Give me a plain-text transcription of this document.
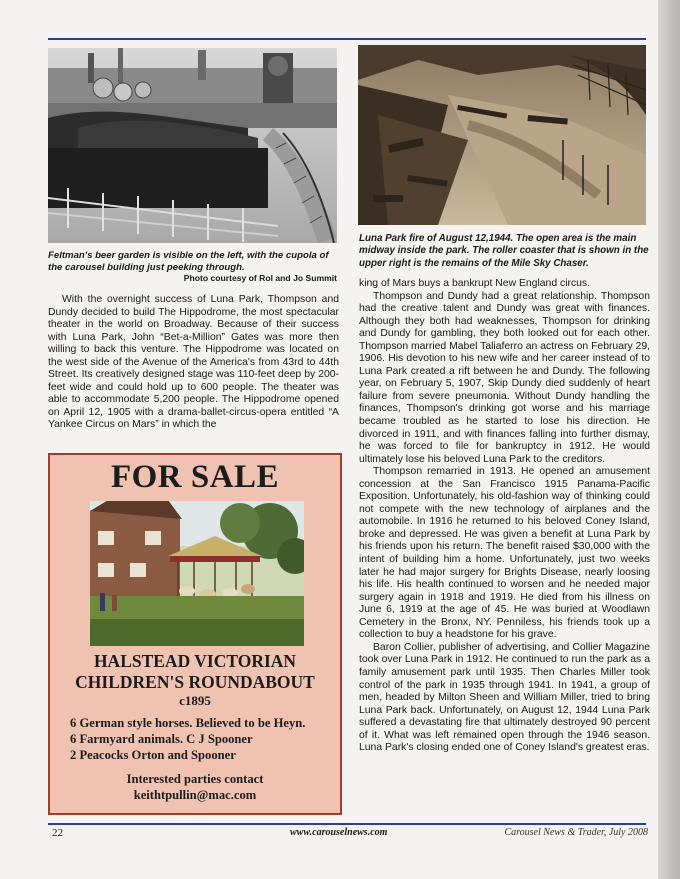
Feltman's beer garden is visible on the left, with the cupola of the carousel building just peeking through.
Photo courtesy of Rol and Jo Summit

With the overnight success of Luna Park, Thompson and Dundy decided to build The Hippodrome, the most spectacular theater in the world on Broadway. Because of their success with Luna Park, John “Bet-a-Million” Gates was more then willing to back this venture. The Hippodrome was located on the west side of the Avenue of the America's from 43rd to 44th Street. Its creatively designed stage was 110-feet deep by 200-feet wide and could hold up to 600 people. The theater was able to accommodate 5,200 people. The Hippodrome opened on April 12, 1905 with a drama-ballet-circus-opera entitled “A Yankee Circus on Mars” in which the

FOR SALE
HALSTEAD VICTORIAN
CHILDREN'S ROUNDABOUT
c1895
6 German style horses. Believed to be Heyn.
6 Farmyard animals. C J Spooner
2 Peacocks Orton and Spooner
Interested parties contact
keithtpullin@mac.com
Luna Park fire of August 12,1944. The open area is the main midway inside the park. The roller coaster that is shown in the upper right is the remains of the Mile Sky Chaser.

king of Mars buys a bankrupt New England circus.

Thompson and Dundy had a great relationship. Thompson had the creative talent and Dundy was great with finances. Although they both had weaknesses, Thompson for drinking and Dundy for gambling, they both looked out for each other. Thompson married Mabel Taliaferro an actress on February 29, 1906. His devotion to his new wife and her career instead of to Luna Park created a rift between he and Dundy. The following year, on February 5, 1907, Skip Dundy died suddenly of heart failure from severe pneumonia. Without Dundy handling the finances, Thompson's drinking got worse and his marriage became troubled as he started to lose his direction. He divorced in 1911, and with finances falling into further dismay, he was forced to file for bankruptcy in 1912. He would ultimately lose his beloved Luna Park to the creditors.

Thompson remarried in 1913. He opened an amusement concession at the San Francisco 1915 Panama-Pacific Exposition. Unfortunately, his old-fashion way of thinking could not compete with the new technology of airplanes and the automobile. In 1916 he returned to his beloved Coney Island, broke and depressed. He was given a benefit at Luna Park by his friends upon his return. The benefit raised $30,000 with the intent of building him a home. Unfortunately, just two weeks later he had major surgery for Brights Disease, nearly loosing his life. His health continued to worsen and he needed major surgery again in 1918 and 1919. He died from his illness on June 6, 1919 at the age of 45. He was buried at Woodlawn Cemetery in the Bronx, NY. Penniless, his friends took up a collection to buy a headstone for his grave.

Baron Collier, publisher of advertising, and Collier Magazine took over Luna Park in 1912. He continued to run the park as a family amusement park until 1935. Then Charles Miller took control of the park in 1935 through 1941. In 1941, a group of men, headed by Milton Sheen and William Miller, tried to bring Luna Park back. Unfortunately, on August 12, 1944 Luna Park suffered a devastating fire that ultimately destroyed 90 percent of it. What was left remained open through the 1946 season. Luna Park's closing ended one of Coney Island's greatest eras.

22	www.carouselnews.com	Carousel News & Trader, July 2008
